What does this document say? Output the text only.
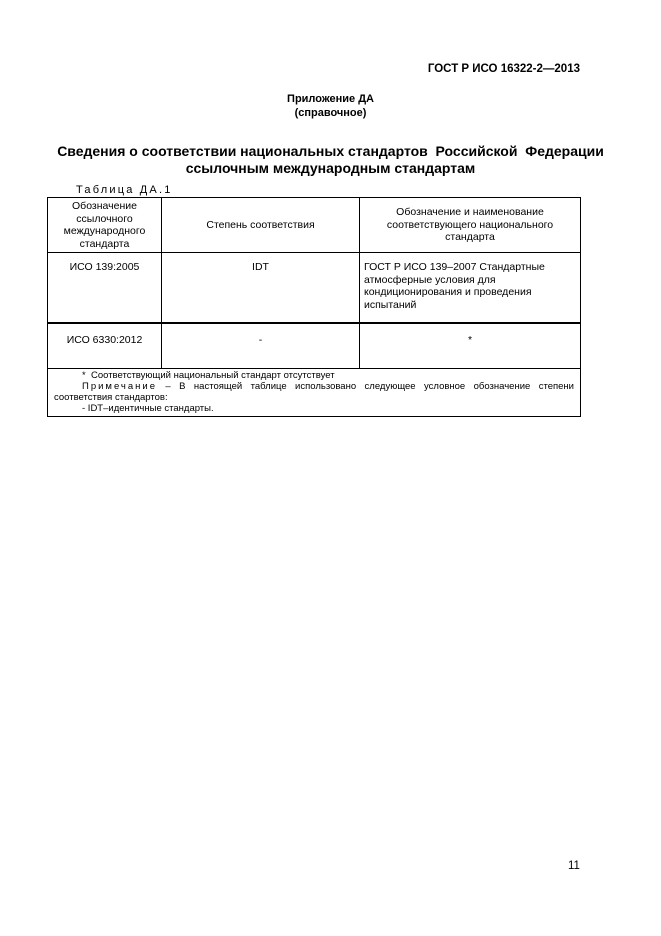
ГОСТ Р ИСО 16322-2—2013
Приложение ДА
(справочное)
Сведения о соответствии национальных стандартов  Российской  Федерации
ссылочным международным стандартам
Таблица ДА.1
Обозначение ссылочного международного стандарта	Степень соответствия	Обозначение и наименование соответствующего национального стандарта
ИСО 139:2005	IDT	ГОСТ Р ИСО 139–2007 Стандартные атмосферные условия для кондиционирования и проведения испытаний
ИСО 6330:2012	-	*

*  Соответствующий национальный стандарт отсутствует
Примечание – В настоящей таблице использовано следующее условное обозначение степени соответствия стандартов:
- IDT–идентичные стандарты.		
11
